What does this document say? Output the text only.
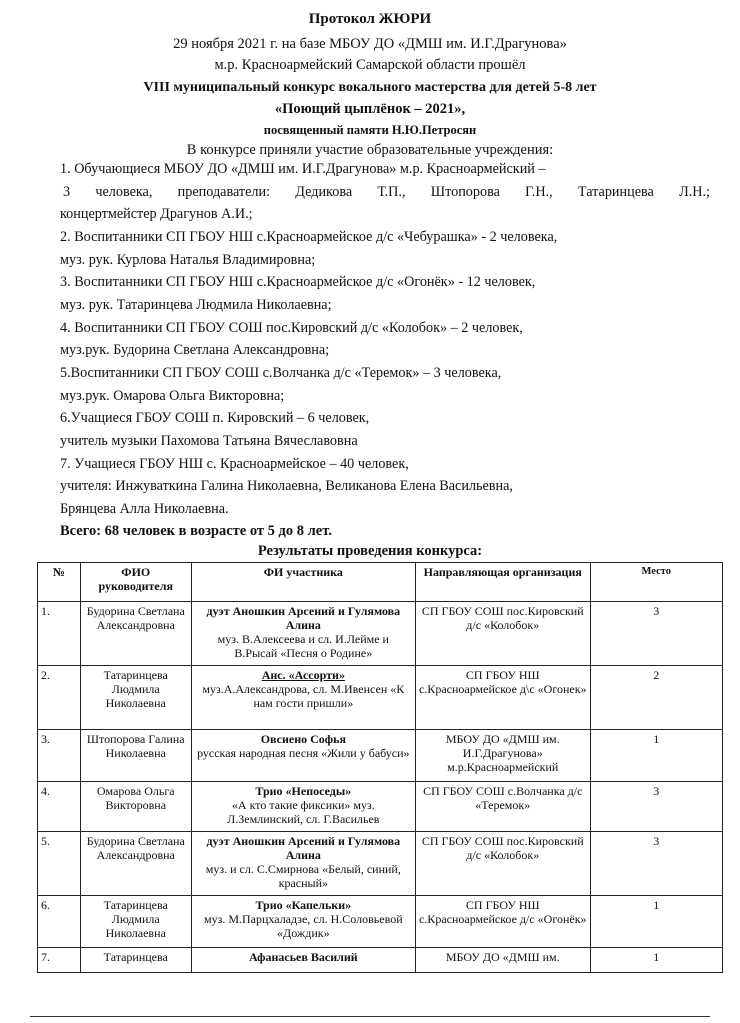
Протокол ЖЮРИ
29 ноября 2021 г. на базе МБОУ ДО «ДМШ им. И.Г.Драгунова»
м.р. Красноармейский Самарской области прошёл
VIII муниципальный конкурс вокального мастерства для детей 5-8 лет
«Поющий цыплёнок – 2021»,
посвященный памяти Н.Ю.Петросян
В конкурсе приняли участие образовательные учреждения:
1. Обучающиеся МБОУ ДО «ДМШ им. И.Г.Драгунова» м.р. Красноармейский –
3 человека, преподаватели: Дедикова Т.П., Штопорова Г.Н., Татаринцева Л.Н.;
концертмейстер Драгунов А.И.;
2. Воспитанники СП ГБОУ НШ с.Красноармейское д/с «Чебурашка» - 2 человека,
муз. рук. Курлова Наталья Владимировна;
3. Воспитанники СП ГБОУ НШ с.Красноармейское д/с «Огонёк» - 12 человек,
муз. рук. Татаринцева Людмила Николаевна;
4. Воспитанники СП ГБОУ СОШ пос.Кировский д/с «Колобок» – 2 человек,
муз.рук. Будорина Светлана Александровна;
5.Воспитанники СП ГБОУ СОШ с.Волчанка д/с «Теремок» – 3 человека,
муз.рук. Омарова Ольга Викторовна;
6.Учащиеся ГБОУ СОШ п. Кировский – 6 человек,
учитель музыки Пахомова Татьяна Вячеславовна
7. Учащиеся ГБОУ НШ с. Красноармейское – 40 человек,
учителя: Инжуваткина Галина Николаевна, Великанова Елена Васильевна,
Брянцева Алла Николаевна.
Всего: 68 человек в возрасте от 5 до 8 лет.
Результаты проведения конкурса:
№	ФИО руководителя	ФИ участника	Направляющая организация	Место
1.	Будорина Светлана Александровна	дуэт Аношкин Арсений и Гулямова Алина
муз. В.Алексеева и сл. И.Лейме и В.Рысай «Песня о Родине»	СП ГБОУ СОШ пос.Кировский д/с «Колобок»	3
2.	Татаринцева Людмила Николаевна	Анс. «Ассорти»
муз.А.Александрова, сл. М.Ивенсен «К нам гости пришли»	СП ГБОУ НШ с.Красноармейское д\с «Огонек»	2
3.	Штопорова Галина Николаевна	Овсиено Софья
русская народная песня «Жили у бабуси»	МБОУ ДО «ДМШ им. И.Г.Драгунова» м.р.Красноармейский	1
4.	Омарова Ольга Викторовна	Трио «Непоседы»
«А кто такие фиксики» муз. Л.Землинский, сл. Г.Васильев	СП ГБОУ СОШ с.Волчанка д/с «Теремок»	3
5.	Будорина Светлана Александровна	дуэт Аношкин Арсений и Гулямова Алина
муз. и сл. С.Смирнова «Белый, синий, красный»	СП ГБОУ СОШ пос.Кировский д/с «Колобок»	3
6.	Татаринцева Людмила Николаевна	Трио «Капельки»
муз. М.Парцхаладзе, сл. Н.Соловьевой «Дождик»	СП ГБОУ НШ с.Красноармейское д/с «Огонёк»	1
7.	Татаринцева	Афанасьев Василий	МБОУ ДО «ДМШ им.	1
